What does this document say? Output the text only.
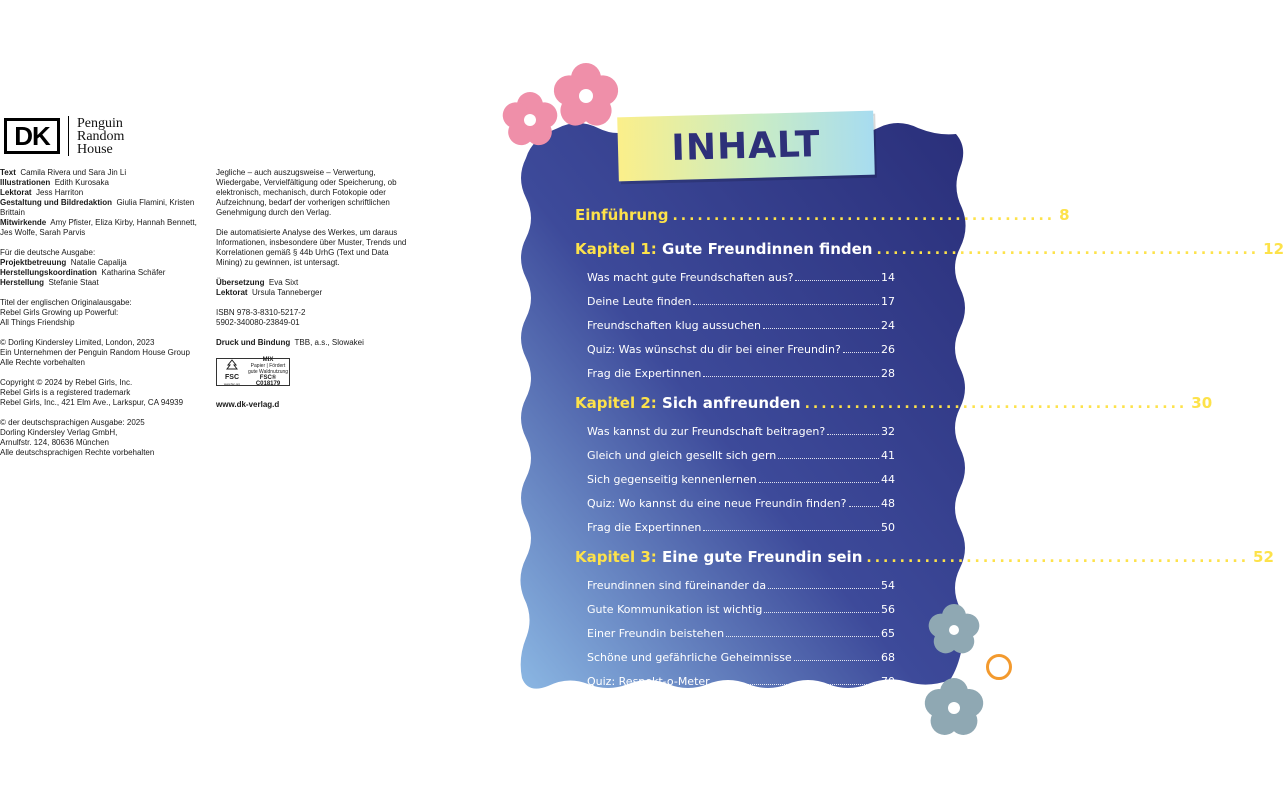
DK	Penguin
Random
House

Text Camila Rivera und Sara Jin Li
Illustrationen Edith Kurosaka
Lektorat Jess Harriton
Gestaltung und Bildredaktion Giulia Flamini, Kristen Brittain
Mitwirkende Amy Pfister, Eliza Kirby, Hannah Bennett, Jes Wolfe, Sarah Parvis

Für die deutsche Ausgabe:
Projektbetreuung Natalie Capalija
Herstellungskoordination Katharina Schäfer
Herstellung Stefanie Staat

Titel der englischen Originalausgabe:
Rebel Girls Growing up Powerful:
All Things Friendship

© Dorling Kindersley Limited, London, 2023
Ein Unternehmen der Penguin Random House Group
Alle Rechte vorbehalten

Copyright © 2024 by Rebel Girls, Inc.
Rebel Girls is a registered trademark
Rebel Girls, Inc., 421 Elm Ave., Larkspur, CA 94939

© der deutschsprachigen Ausgabe: 2025
Dorling Kindersley Verlag GmbH,
Arnulfstr. 124, 80636 München
Alle deutschsprachigen Rechte vorbehalten

Jegliche – auch auszugsweise – Verwertung, Wiedergabe, Vervielfältigung oder Speicherung, ob elektronisch, mechanisch, durch Fotokopie oder Aufzeichnung, bedarf der vorherigen schriftlichen Genehmigung durch den Verlag.

Die automatisierte Analyse des Werkes, um daraus Informationen, insbesondere über Muster, Trends und Korrelationen gemäß § 44b UrhG (Text und Data Mining) zu gewinnen, ist untersagt.

Übersetzung Eva Sixt
Lektorat Ursula Tanneberger

ISBN 978-3-8310-5217-2
5902-340080-23849-01

Druck und Bindung TBB, a.s., Slowakei

FSC
www.fsc.org
MIX
Papier | Fördert gute Waldnutzung
FSC® C018179

www.dk-verlag.d

INHALT
Einführung .............................................. 8
Kapitel 1:
Gute Freundinnen finden .............................................. 12
Was macht gute Freundschaften aus?	14
Deine Leute finden	17
Freundschaften klug aussuchen	24
Quiz: Was wünschst du dir bei einer Freundin?	26
Frag die Expertinnen	28
Kapitel 2:
Sich anfreunden .............................................. 30
Was kannst du zur Freundschaft beitragen?	32
Gleich und gleich gesellt sich gern	41
Sich gegenseitig kennenlernen	44
Quiz: Wo kannst du eine neue Freundin finden?	48
Frag die Expertinnen	50
Kapitel 3:
Eine gute Freundin sein .............................................. 52
Freundinnen sind füreinander da	54
Gute Kommunikation ist wichtig	56
Einer Freundin beistehen	65
Schöne und gefährliche Geheimnisse	68
Quiz: Respekt-o-Meter	70
Frag die Expertinnen	72
